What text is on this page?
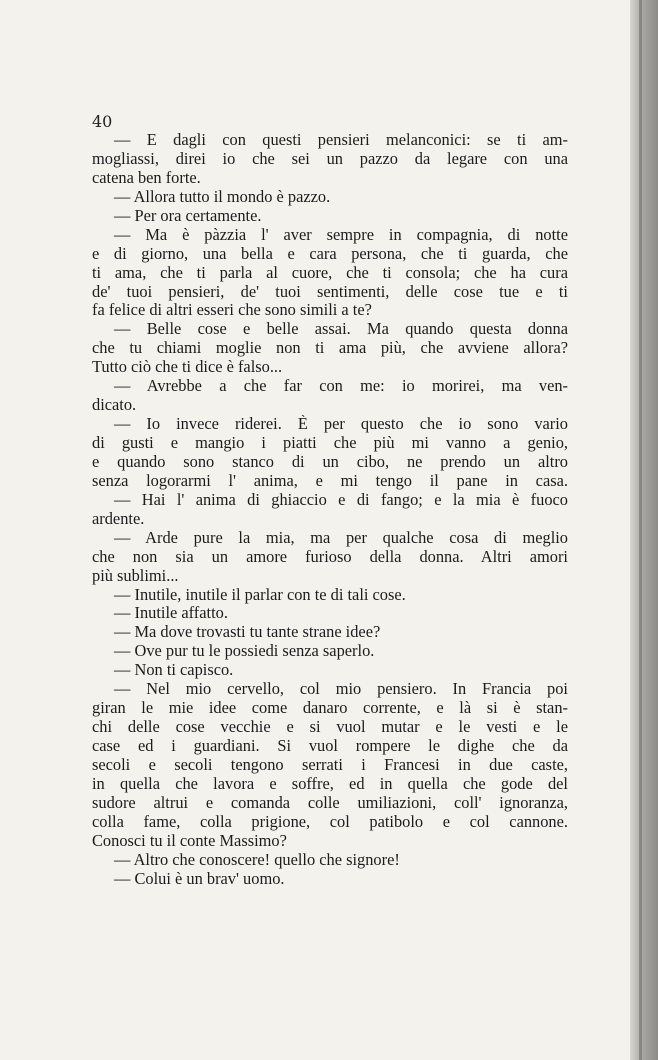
40
— E dagli con questi pensieri melanconici: se ti am-
mogliassi, direi io che sei un pazzo da legare con una
catena ben forte.
— Allora tutto il mondo è pazzo.
— Per ora certamente.
— Ma è pàzzia l' aver sempre in compagnia, di notte
e di giorno, una bella e cara persona, che ti guarda, che
ti ama, che ti parla al cuore, che ti consola; che ha cura
de' tuoi pensieri, de' tuoi sentimenti, delle cose tue e ti
fa felice di altri esseri che sono simili a te?
— Belle cose e belle assai. Ma quando questa donna
che tu chiami moglie non ti ama più, che avviene allora?
Tutto ciò che ti dice è falso...
— Avrebbe a che far con me: io morirei, ma ven-
dicato.
— Io invece riderei. È per questo che io sono vario
di gusti e mangio i piatti che più mi vanno a genio,
e quando sono stanco di un cibo, ne prendo un altro
senza logorarmi l' anima, e mi tengo il pane in casa.
— Hai l' anima di ghiaccio e di fango; e la mia è fuoco
ardente.
— Arde pure la mia, ma per qualche cosa di meglio
che non sia un amore furioso della donna. Altri amori
più sublimi...
— Inutile, inutile il parlar con te di tali cose.
— Inutile affatto.
— Ma dove trovasti tu tante strane idee?
— Ove pur tu le possiedi senza saperlo.
— Non ti capisco.
— Nel mio cervello, col mio pensiero. In Francia poi
giran le mie idee come danaro corrente, e là si è stan-
chi delle cose vecchie e si vuol mutar e le vesti e le
case ed i guardiani. Si vuol rompere le dighe che da
secoli e secoli tengono serrati i Francesi in due caste,
in quella che lavora e soffre, ed in quella che gode del
sudore altrui e comanda colle umiliazioni, coll' ignoranza,
colla fame, colla prigione, col patibolo e col cannone.
Conosci tu il conte Massimo?
— Altro che conoscere! quello che signore!
— Colui è un brav' uomo.
